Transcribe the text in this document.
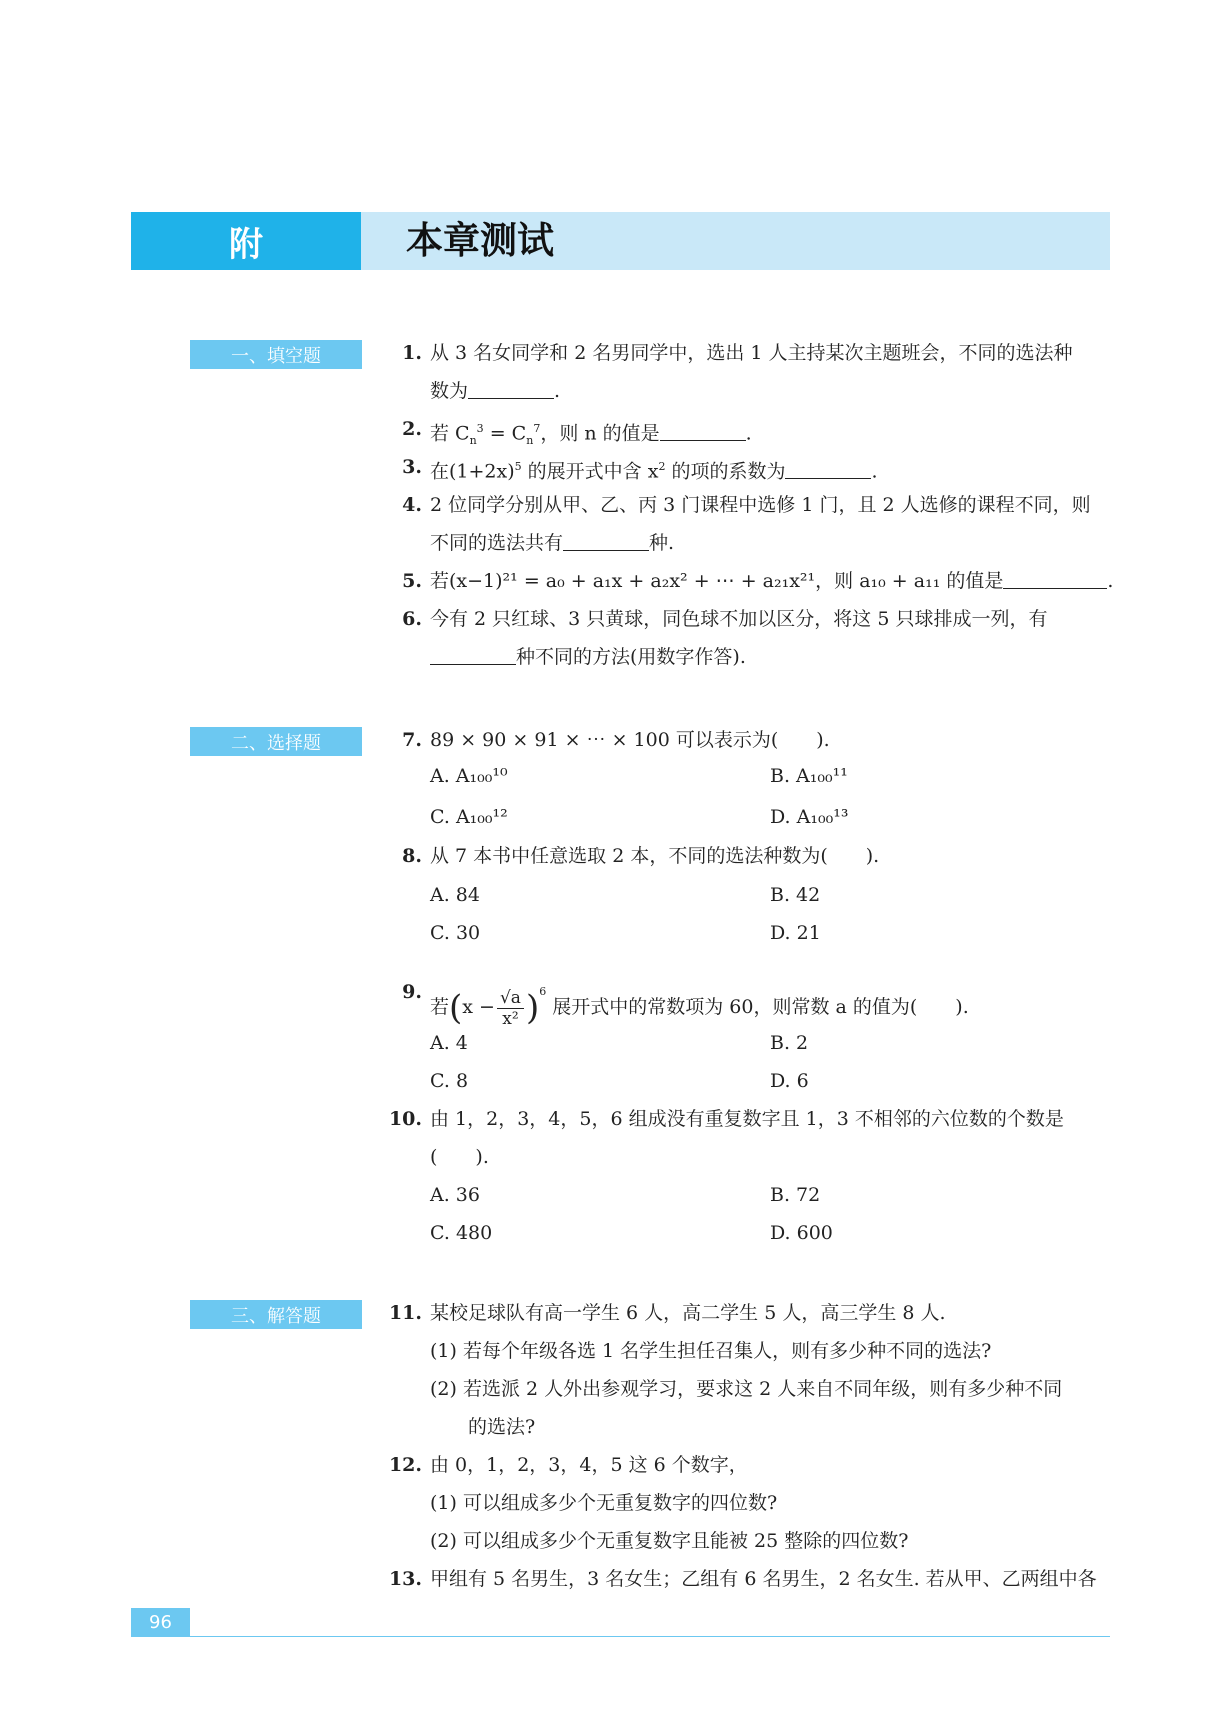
附	本章测试
一、填空题
二、选择题
三、解答题
1. 从 3 名女同学和 2 名男同学中，选出 1 人主持某次主题班会，不同的选法种
数为	.
2. 若 $C_n^3 = C_n^7$，则 n 的值是	.
3. 在$(1+2x)^5$ 的展开式中含 $x^2$ 的项的系数为	.
4. 2 位同学分别从甲、乙、丙 3 门课程中选修 1 门，且 2 人选修的课程不同，则
不同的选法共有	种.
5. 若(x−1)²¹ = a₀ + a₁x + a₂x² + ⋯ + a₂₁x²¹，则 a₁₀ + a₁₁ 的值是	.
6. 今有 2 只红球、3 只黄球，同色球不加以区分，将这 5 只球排成一列，有
种不同的方法(用数字作答).
7. 89 × 90 × 91 × ⋯ × 100 可以表示为(　　).
A. A₁₀₀¹⁰	B. A₁₀₀¹¹
C. A₁₀₀¹²	D. A₁₀₀¹³
8. 从 7 本书中任意选取 2 本，不同的选法种数为(　　).
A. 84	B. 42
C. 30	D. 21
9.
若$(x - \frac{√a}{\text{x²}} )^6$ 展开式中的常数项为 60，则常数 a 的值为(　　).
A. 4	B. 2
C. 8	D. 6
10. 由 1，2，3，4，5，6 组成没有重复数字且 1，3 不相邻的六位数的个数是
(　　).
A. 36	B. 72
C. 480	D. 600
11. 某校足球队有高一学生 6 人，高二学生 5 人，高三学生 8 人.
(1) 若每个年级各选 1 名学生担任召集人，则有多少种不同的选法?
(2) 若选派 2 人外出参观学习，要求这 2 人来自不同年级，则有多少种不同
的选法?
12. 由 0，1，2，3，4，5 这 6 个数字，
(1) 可以组成多少个无重复数字的四位数?
(2) 可以组成多少个无重复数字且能被 25 整除的四位数?
13. 甲组有 5 名男生，3 名女生；乙组有 6 名男生，2 名女生. 若从甲、乙两组中各
96
